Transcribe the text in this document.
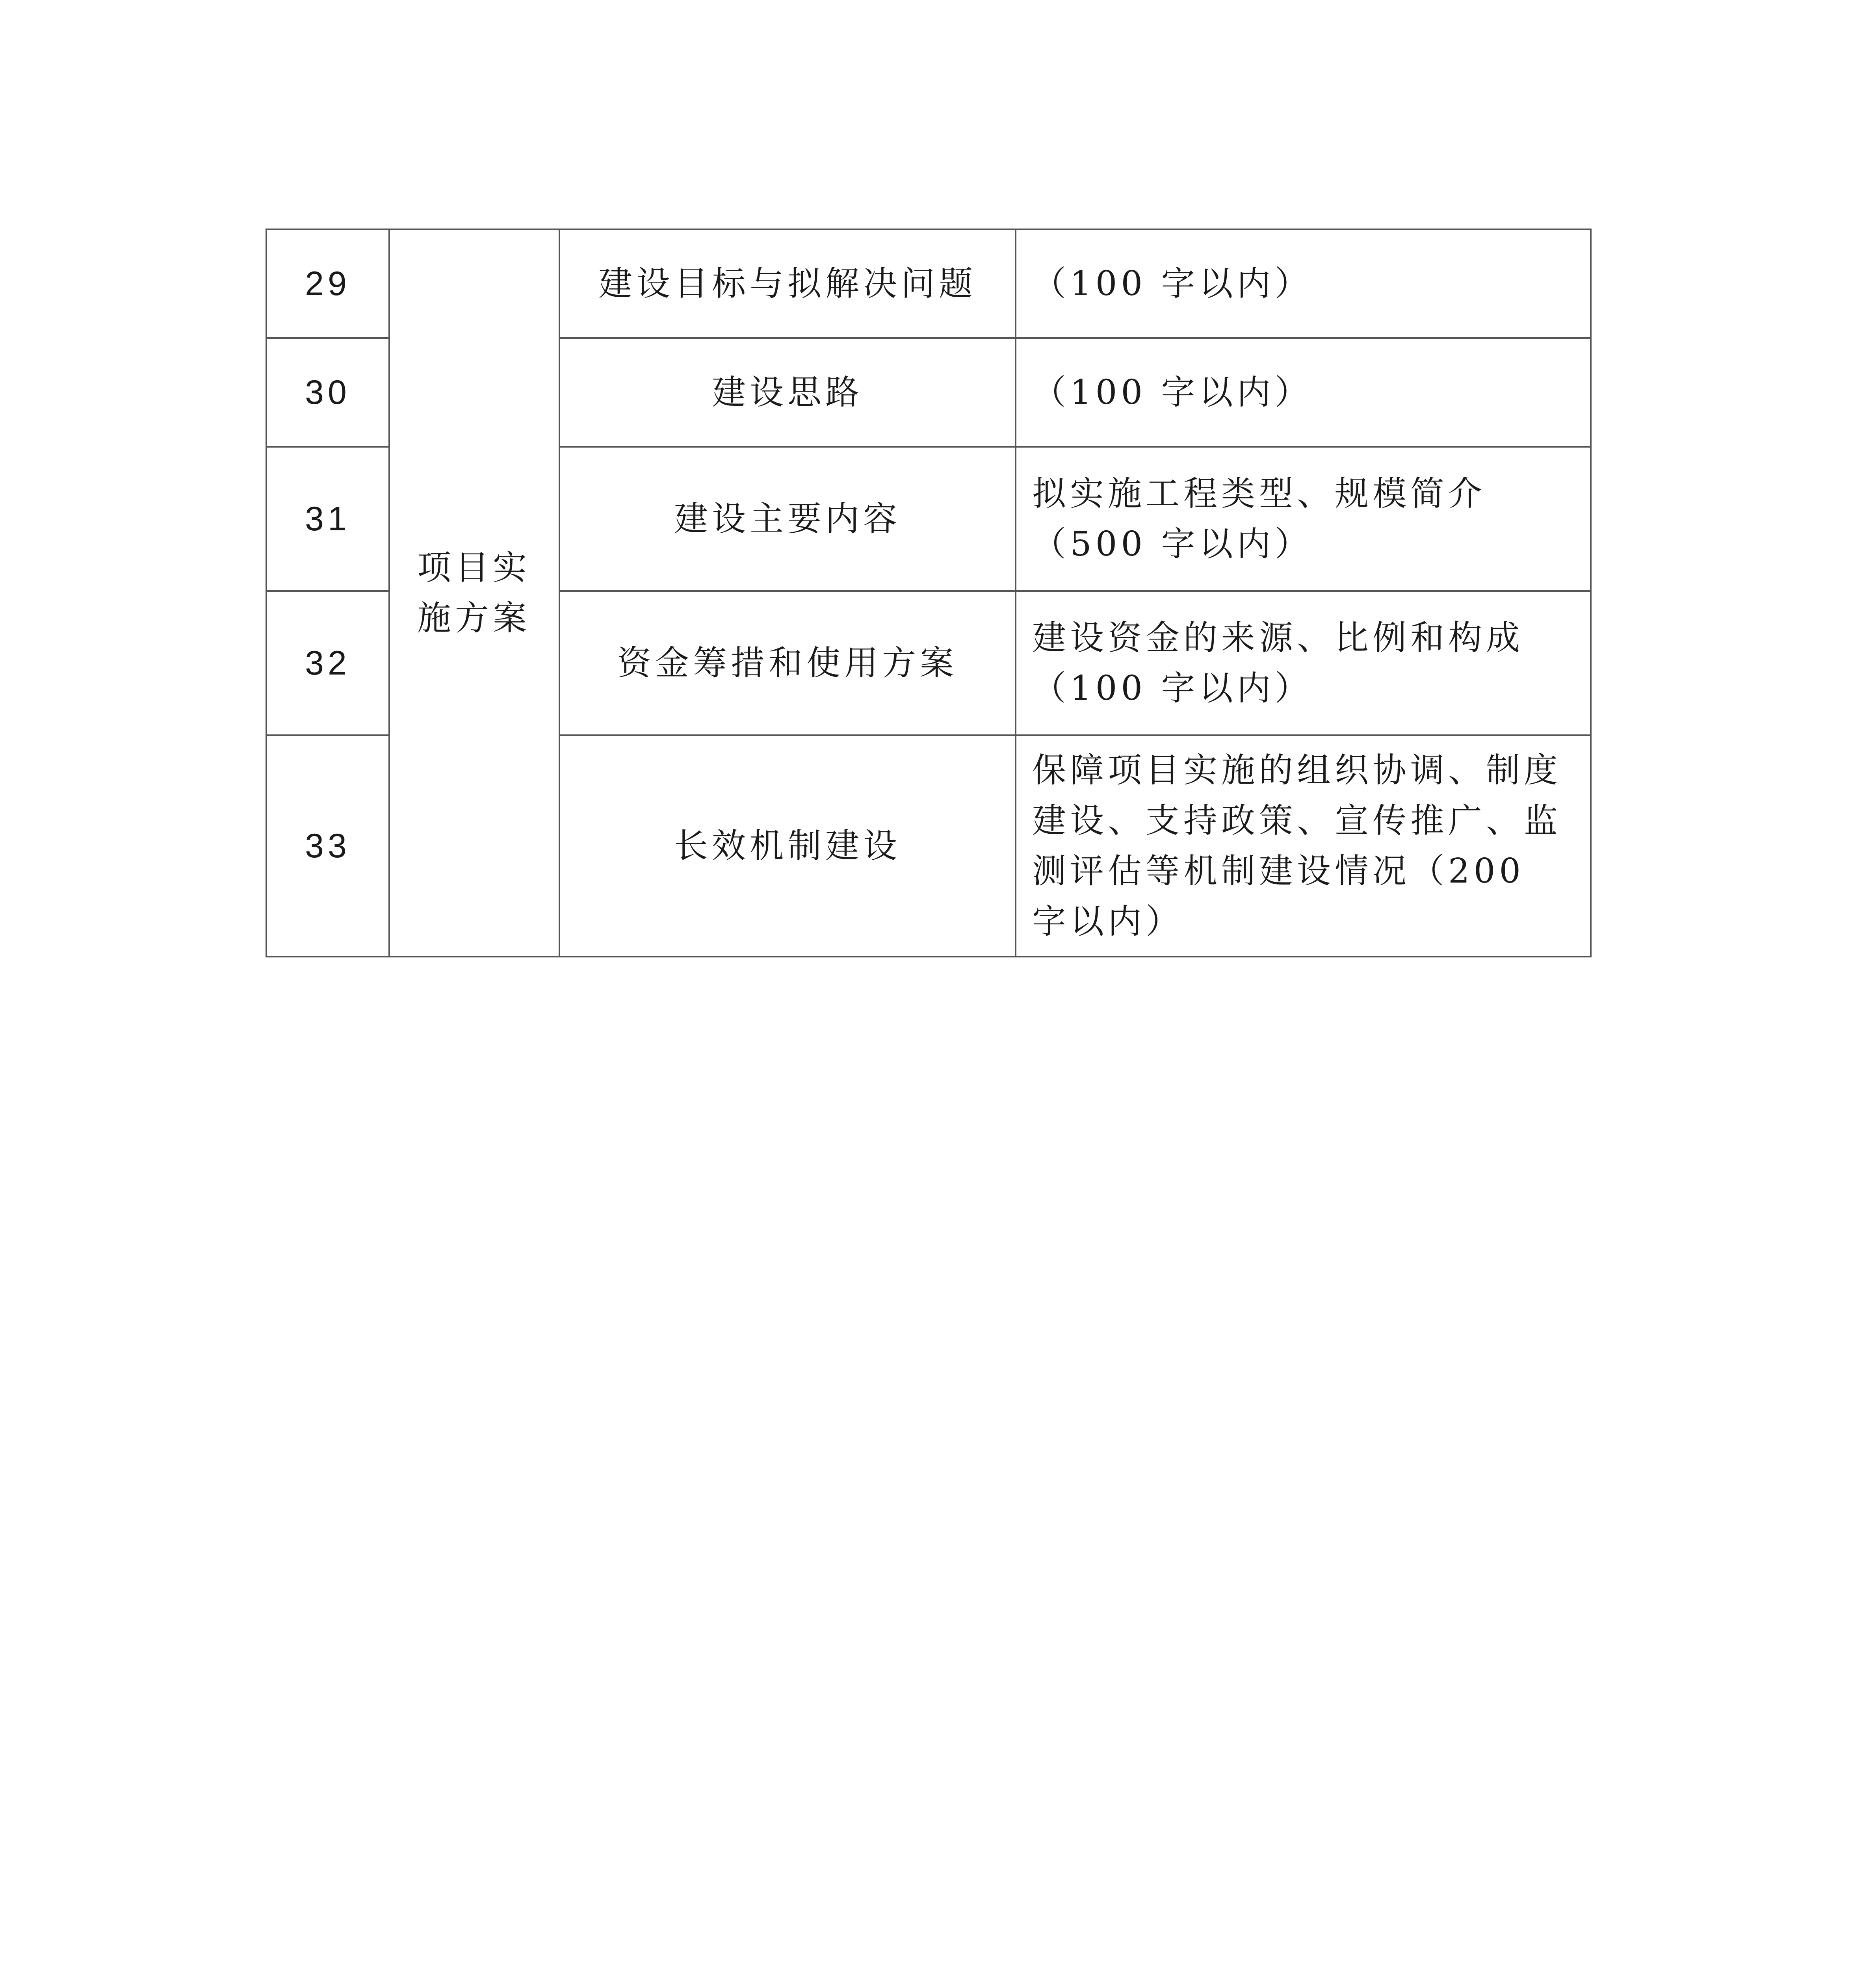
29	项目实施方案	建设目标与拟解决问题	（100 字以内）
30		建设思路	（100 字以内）
31		建设主要内容	拟实施工程类型、规模简介（500 字以内）
32		资金筹措和使用方案	建设资金的来源、比例和构成（100 字以内）
33		长效机制建设	保障项目实施的组织协调、制度建设、支持政策、宣传推广、监测评估等机制建设情况（200 字以内）
